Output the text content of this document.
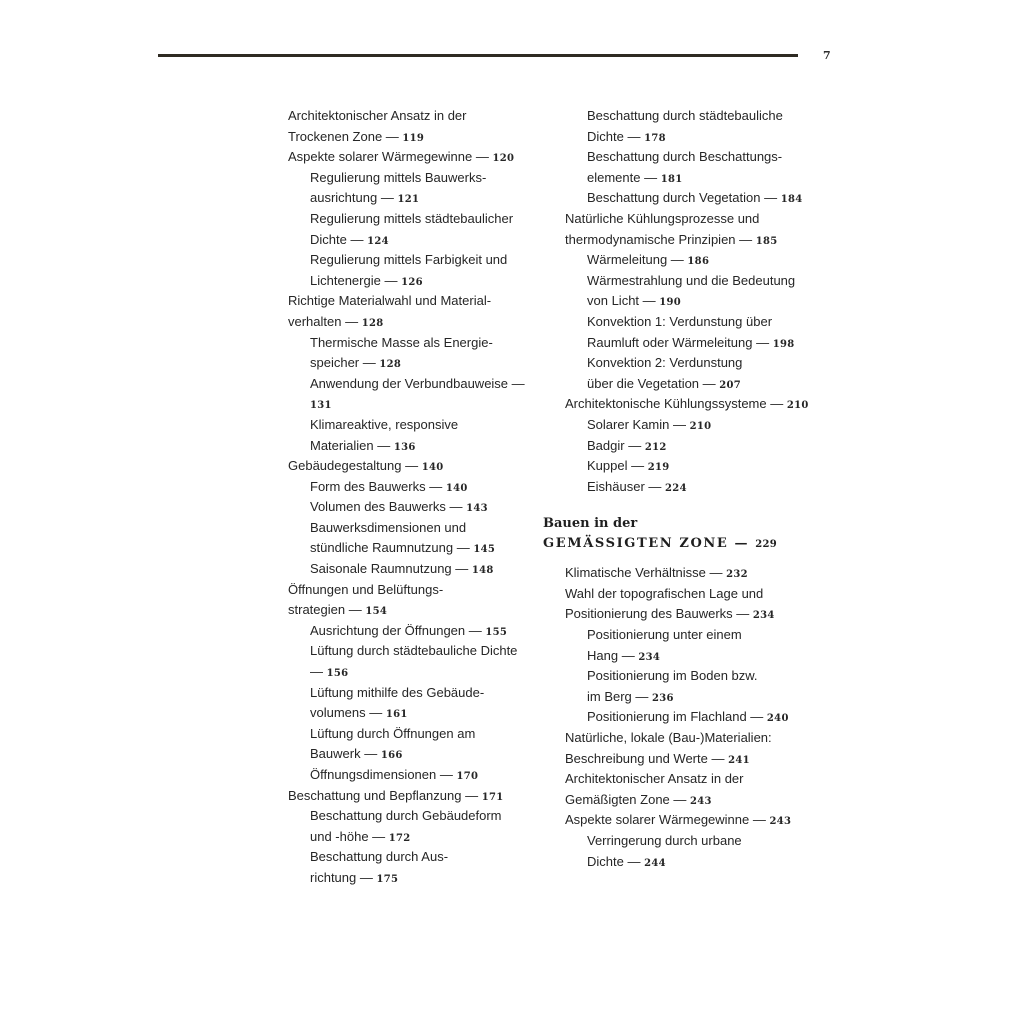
7
Architektonischer Ansatz in der
Trockenen Zone — 119
Aspekte solarer Wärmegewinne — 120
Regulierung mittels Bauwerks-
ausrichtung — 121
Regulierung mittels städtebaulicher
Dichte — 124
Regulierung mittels Farbigkeit und
Lichtenergie — 126
Richtige Materialwahl und Material-
verhalten — 128
Thermische Masse als Energie-
speicher — 128
Anwendung der Verbundbauweise —
131
Klimareaktive, responsive
Materialien — 136
Gebäudegestaltung — 140
Form des Bauwerks — 140
Volumen des Bauwerks — 143
Bauwerksdimensionen und
stündliche Raumnutzung — 145
Saisonale Raumnutzung — 148
Öffnungen und Belüftungs-
strategien — 154
Ausrichtung der Öffnungen — 155
Lüftung durch städtebauliche Dichte
— 156
Lüftung mithilfe des Gebäude-
volumens — 161
Lüftung durch Öffnungen am
Bauwerk — 166
Öffnungsdimensionen — 170
Beschattung und Bepflanzung — 171
Beschattung durch Gebäudeform
und -höhe — 172
Beschattung durch Aus-
richtung — 175
Beschattung durch städtebauliche
Dichte — 178
Beschattung durch Beschattungs-
elemente — 181
Beschattung durch Vegetation — 184
Natürliche Kühlungsprozesse und
thermodynamische Prinzipien — 185
Wärmeleitung — 186
Wärmestrahlung und die Bedeutung
von Licht — 190
Konvektion 1: Verdunstung über
Raumluft oder Wärmeleitung — 198
Konvektion 2: Verdunstung
über die Vegetation — 207
Architektonische Kühlungssysteme — 210
Solarer Kamin — 210
Badgir — 212
Kuppel — 219
Eishäuser — 224
Bauen in der
GEMÄSSIGTEN ZONE — 229
Klimatische Verhältnisse — 232
Wahl der topografischen Lage und
Positionierung des Bauwerks — 234
Positionierung unter einem
Hang — 234
Positionierung im Boden bzw.
im Berg — 236
Positionierung im Flachland — 240
Natürliche, lokale (Bau-)Materialien:
Beschreibung und Werte — 241
Architektonischer Ansatz in der
Gemäßigten Zone — 243
Aspekte solarer Wärmegewinne — 243
Verringerung durch urbane
Dichte — 244
